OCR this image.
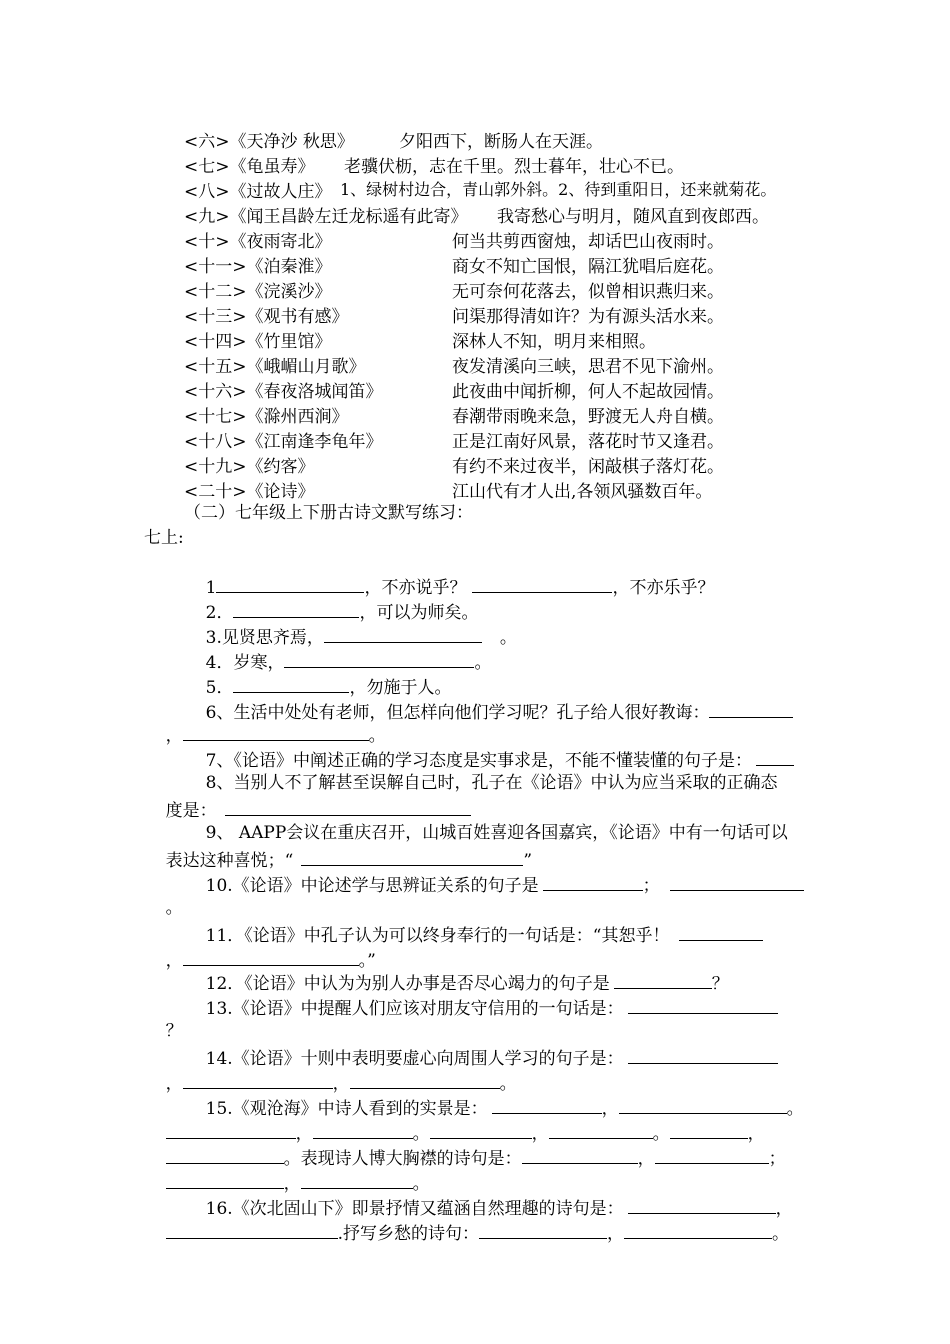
<六>《天净沙 秋思》	夕阳西下，断肠人在天涯。
<七>《龟虽寿》 老骥伏枥，志在千里。烈士暮年，壮心不已。
<八>《过故人庄》 1、绿树村边合，青山郭外斜。2、待到重阳日，还来就菊花。
<九>《闻王昌龄左迁龙标遥有此寄》 我寄愁心与明月，随风直到夜郎西。
<十>《夜雨寄北》	何当共剪西窗烛，却话巴山夜雨时。
<十一>《泊秦淮》	商女不知亡国恨，隔江犹唱后庭花。
<十二>《浣溪沙》	无可奈何花落去，似曾相识燕归来。
<十三>《观书有感》	问渠那得清如许？为有源头活水来。
<十四>《竹里馆》	深林人不知，明月来相照。
<十五>《峨嵋山月歌》	夜发清溪向三峡，思君不见下渝州。
<十六>《春夜洛城闻笛》	此夜曲中闻折柳，何人不起故园情。
<十七>《滁州西涧》	春潮带雨晚来急，野渡无人舟自横。
<十八>《江南逢李龟年》	正是江南好风景，落花时节又逢君。
<十九>《约客》	有约不来过夜半，闲敲棋子落灯花。
<二十>《论诗》	江山代有才人出,各领风骚数百年。
（二）七年级上下册古诗文默写练习：
七上:

1	，不亦说乎？	，不亦乐乎？

2．	，可以为师矣。

3.见贤思齐焉，	。

4．岁寒，	。

5．	，勿施于人。

6、生活中处处有老师，但怎样向他们学习呢？孔子给人很好教诲：

，	。

7、《论语》中阐述正确的学习态度是实事求是，不能不懂装懂的句子是：

8、当别人不了解甚至误解自己时，孔子在《论语》中认为应当采取的正确态

度是：

9、 AAPP会议在重庆召开，山城百姓喜迎各国嘉宾，《论语》中有一句话可以

表达这种喜悦；“	”

10.《论语》中论述学与思辨证关系的句子是	；

。

11．《论语》中孔子认为可以终身奉行的一句话是：“其恕乎！

，	。”

12．《论语》中认为为别人办事是否尽心竭力的句子是	？

13.《论语》中提醒人们应该对朋友守信用的一句话是：

？

14.《论语》十则中表明要虚心向周围人学习的句子是：

，	，	。

15.《观沧海》中诗人看到的实景是：	，	。

，	。	，	。	，

。表现诗人博大胸襟的诗句是：	，	；

，	。

16.《次北固山下》即景抒情又蕴涵自然理趣的诗句是：	，

.抒写乡愁的诗句：	，	。
